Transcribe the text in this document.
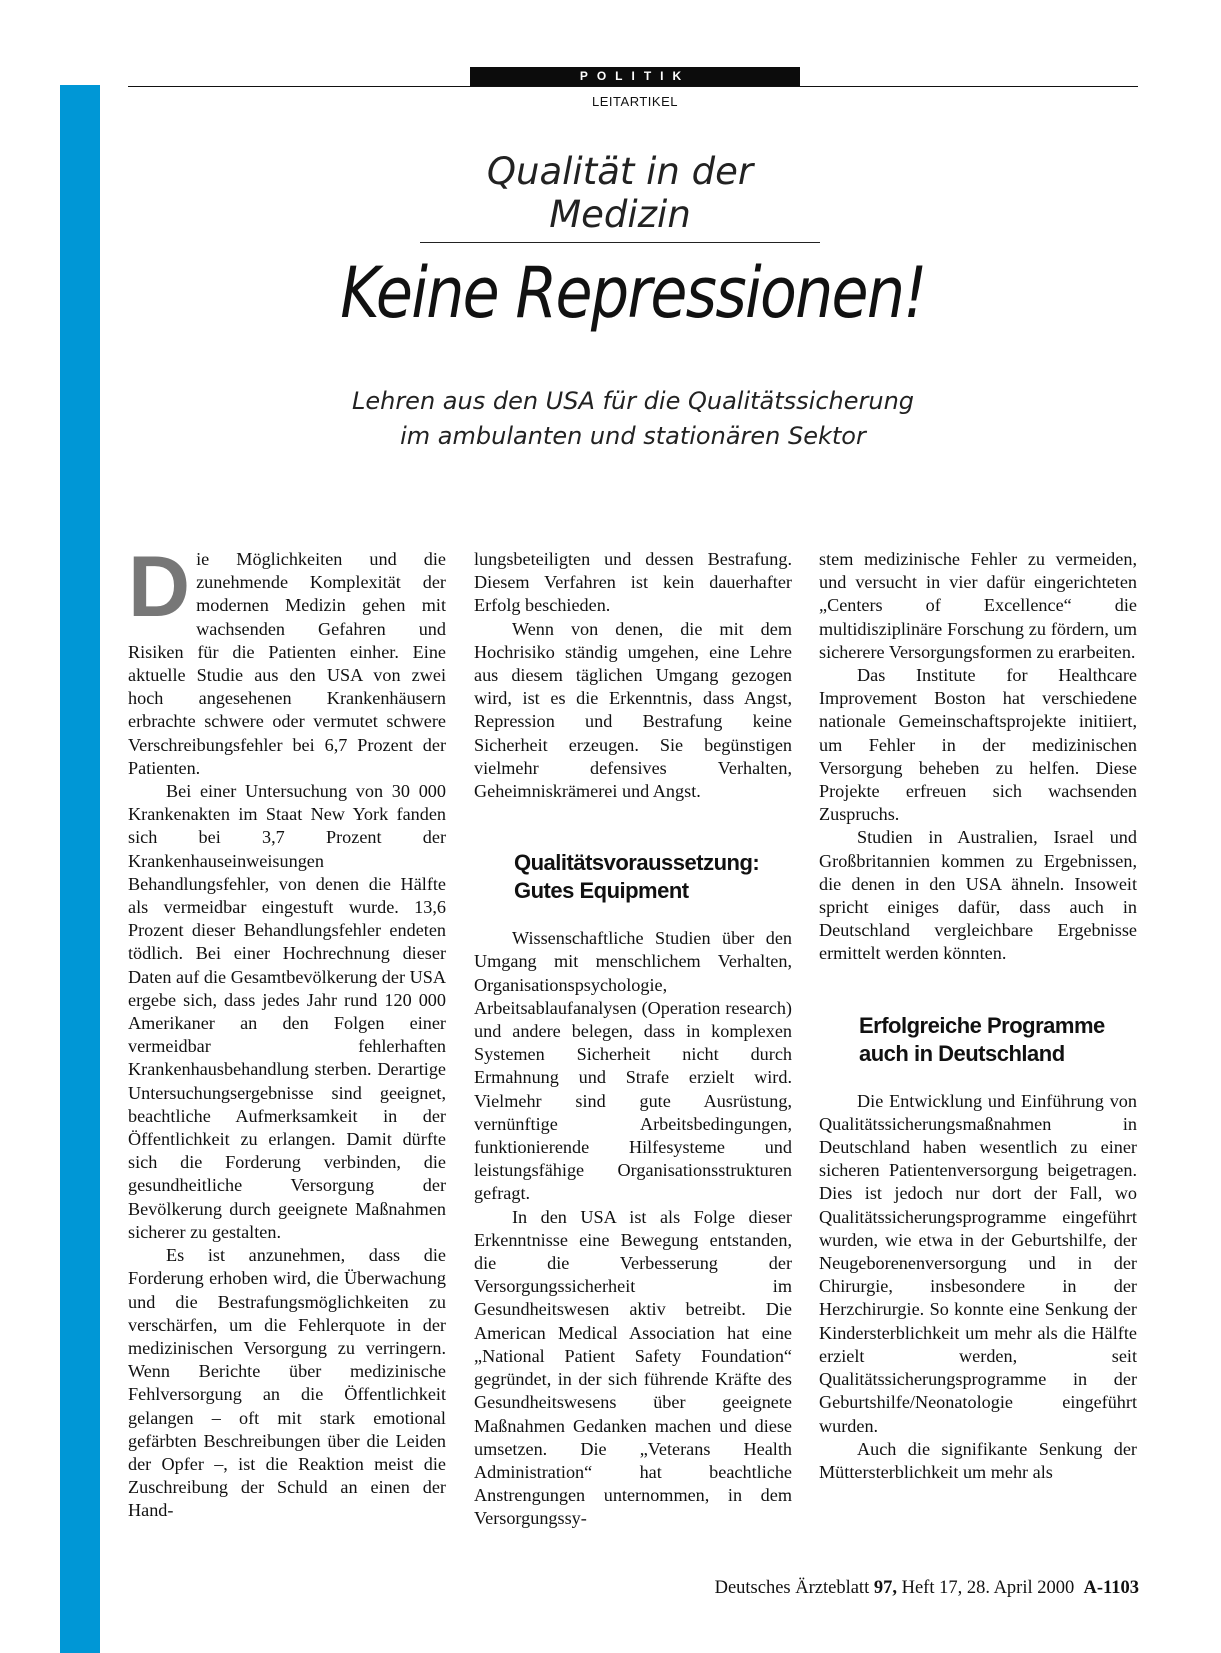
POLITIK
LEITARTIKEL
Qualität in der Medizin
Keine Repressionen!
Lehren aus den USA für die Qualitätssicherung
im ambulanten und stationären Sektor
D ie Möglichkeiten und die zunehmende Komplexität der modernen Medizin gehen mit wachsenden Gefahren und Risiken für die Patienten einher. Eine aktuelle Studie aus den USA von zwei hoch angesehenen Krankenhäusern erbrachte schwere oder vermutet schwere Verschreibungsfehler bei 6,7 Prozent der Patienten.

Bei einer Untersuchung von 30 000 Krankenakten im Staat New York fanden sich bei 3,7 Prozent der Krankenhauseinweisungen Behandlungsfehler, von denen die Hälfte als vermeidbar eingestuft wurde. 13,6 Prozent dieser Behandlungsfehler endeten tödlich. Bei einer Hochrechnung dieser Daten auf die Gesamtbevölkerung der USA ergebe sich, dass jedes Jahr rund 120 000 Amerikaner an den Folgen einer vermeidbar fehlerhaften Krankenhausbehandlung sterben. Derartige Untersuchungsergebnisse sind geeignet, beachtliche Aufmerksamkeit in der Öffentlichkeit zu erlangen. Damit dürfte sich die Forderung verbinden, die gesundheitliche Versorgung der Bevölkerung durch geeignete Maßnahmen sicherer zu gestalten.

Es ist anzunehmen, dass die Forderung erhoben wird, die Überwachung und die Bestrafungsmöglichkeiten zu verschärfen, um die Fehlerquote in der medizinischen Versorgung zu verringern. Wenn Berichte über medizinische Fehlversorgung an die Öffentlichkeit gelangen – oft mit stark emotional gefärbten Beschreibungen über die Leiden der Opfer –, ist die Reaktion meist die Zuschreibung der Schuld an einen der Hand-

lungsbeteiligten und dessen Bestrafung. Diesem Verfahren ist kein dauerhafter Erfolg beschieden.

Wenn von denen, die mit dem Hochrisiko ständig umgehen, eine Lehre aus diesem täglichen Umgang gezogen wird, ist es die Erkenntnis, dass Angst, Repression und Bestrafung keine Sicherheit erzeugen. Sie begünstigen vielmehr defensives Verhalten, Geheimniskrämerei und Angst.

Qualitätsvoraussetzung:
Gutes Equipment

Wissenschaftliche Studien über den Umgang mit menschlichem Verhalten, Organisationspsychologie, Arbeitsablaufanalysen (Operation research) und andere belegen, dass in komplexen Systemen Sicherheit nicht durch Ermahnung und Strafe erzielt wird. Vielmehr sind gute Ausrüstung, vernünftige Arbeitsbedingungen, funktionierende Hilfesysteme und leistungsfähige Organisationsstrukturen gefragt.

In den USA ist als Folge dieser Erkenntnisse eine Bewegung entstanden, die die Verbesserung der Versorgungssicherheit im Gesundheitswesen aktiv betreibt. Die American Medical Association hat eine „National Patient Safety Foundation“ gegründet, in der sich führende Kräfte des Gesundheitswesens über geeignete Maßnahmen Gedanken machen und diese umsetzen. Die „Veterans Health Administration“ hat beachtliche Anstrengungen unternommen, in dem Versorgungssy-

stem medizinische Fehler zu vermeiden, und versucht in vier dafür eingerichteten „Centers of Excellence“ die multidisziplinäre Forschung zu fördern, um sicherere Versorgungsformen zu erarbeiten.

Das Institute for Healthcare Improvement Boston hat verschiedene nationale Gemeinschaftsprojekte initiiert, um Fehler in der medizinischen Versorgung beheben zu helfen. Diese Projekte erfreuen sich wachsenden Zuspruchs.

Studien in Australien, Israel und Großbritannien kommen zu Ergebnissen, die denen in den USA ähneln. Insoweit spricht einiges dafür, dass auch in Deutschland vergleichbare Ergebnisse ermittelt werden könnten.

Erfolgreiche Programme
auch in Deutschland

Die Entwicklung und Einführung von Qualitätssicherungsmaßnahmen in Deutschland haben wesentlich zu einer sicheren Patientenversorgung beigetragen. Dies ist jedoch nur dort der Fall, wo Qualitätssicherungsprogramme eingeführt wurden, wie etwa in der Geburtshilfe, der Neugeborenenversorgung und in der Chirurgie, insbesondere in der Herzchirurgie. So konnte eine Senkung der Kindersterblichkeit um mehr als die Hälfte erzielt werden, seit Qualitätssicherungsprogramme in der Geburtshilfe/Neonatologie eingeführt wurden.

Auch die signifikante Senkung der Müttersterblichkeit um mehr als

Deutsches Ärzteblatt 97, Heft 17, 28. April 2000 A-1103
